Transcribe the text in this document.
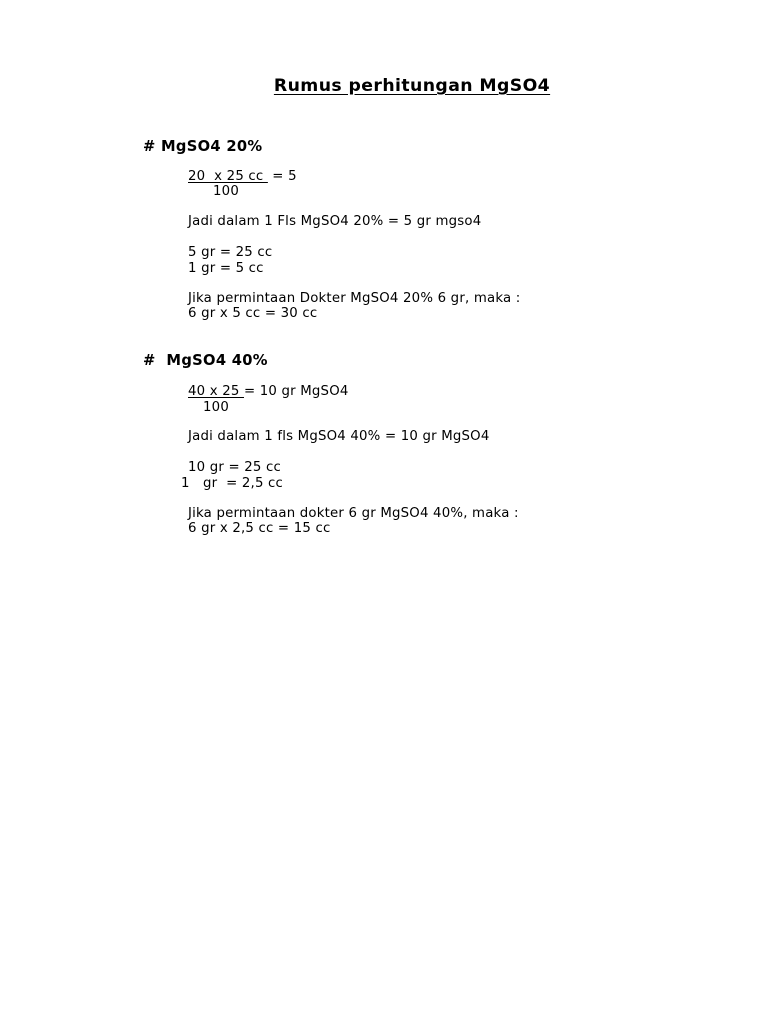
Rumus perhitungan MgSO4
# MgSO4 20%
20  x 25 cc  = 5
100
Jadi dalam 1 Fls MgSO4 20% = 5 gr mgso4
5 gr = 25 cc
1 gr = 5 cc
Jika permintaan Dokter MgSO4 20% 6 gr, maka :
6 gr x 5 cc = 30 cc
#  MgSO4 40%
40 x 25 = 10 gr MgSO4
100
Jadi dalam 1 fls MgSO4 40% = 10 gr MgSO4
10 gr = 25 cc
1   gr  = 2,5 cc
Jika permintaan dokter 6 gr MgSO4 40%, maka :
6 gr x 2,5 cc = 15 cc
